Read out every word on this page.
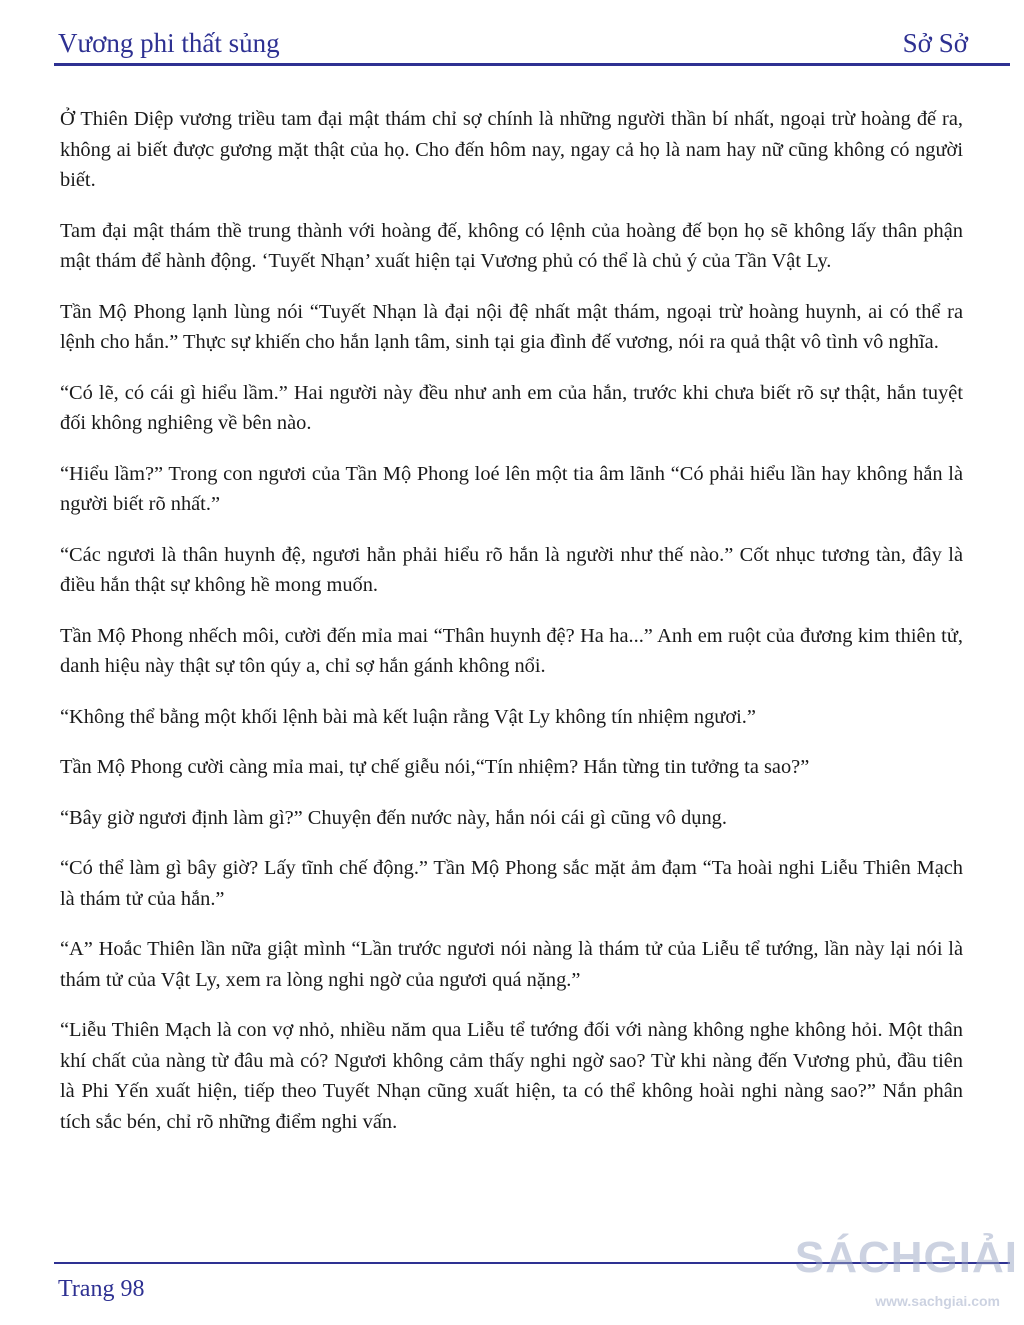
Vương phi thất sủng	Sở Sở

Ở Thiên Diệp vương triều tam đại mật thám chỉ sợ chính là những người thần bí nhất, ngoại trừ hoàng đế ra, không ai biết được gương mặt thật của họ. Cho đến hôm nay, ngay cả họ là nam hay nữ cũng không có người biết.

Tam đại mật thám thề trung thành với hoàng đế, không có lệnh của hoàng đế bọn họ sẽ không lấy thân phận mật thám để hành động. ‘Tuyết Nhạn’ xuất hiện tại Vương phủ có thể là chủ ý của Tần Vật Ly.

Tần Mộ Phong lạnh lùng nói “Tuyết Nhạn là đại nội đệ nhất mật thám, ngoại trừ hoàng huynh, ai có thể ra lệnh cho hắn.” Thực sự khiến cho hắn lạnh tâm, sinh tại gia đình đế vương, nói ra quả thật vô tình vô nghĩa.

“Có lẽ, có cái gì hiểu lầm.” Hai người này đều như anh em của hắn, trước khi chưa biết rõ sự thật, hắn tuyệt đối không nghiêng về bên nào.

“Hiểu lầm?” Trong con ngươi của Tần Mộ Phong loé lên một tia âm lãnh “Có phải hiểu lần hay không hắn là người biết rõ nhất.”

“Các ngươi là thân huynh đệ, ngươi hẳn phải hiểu rõ hắn là người như thế nào.” Cốt nhục tương tàn, đây là điều hắn thật sự không hề mong muốn.

Tần Mộ Phong nhếch môi, cười đến mỉa mai “Thân huynh đệ? Ha ha...” Anh em ruột của đương kim thiên tử, danh hiệu này thật sự tôn qúy a, chỉ sợ hắn gánh không nổi.

“Không thể bằng một khối lệnh bài mà kết luận rằng Vật Ly không tín nhiệm ngươi.”

Tần Mộ Phong cười càng mỉa mai, tự chế giễu nói,“Tín nhiệm? Hắn từng tin tưởng ta sao?”

“Bây giờ ngươi định làm gì?” Chuyện đến nước này, hắn nói cái gì cũng vô dụng.

“Có thể làm gì bây giờ? Lấy tĩnh chế động.” Tần Mộ Phong sắc mặt ảm đạm “Ta hoài nghi Liễu Thiên Mạch là thám tử của hắn.”

“A” Hoắc Thiên lần nữa giật mình “Lần trước ngươi nói nàng là thám tử của Liễu tể tướng, lần này lại nói là thám tử của Vật Ly, xem ra lòng nghi ngờ của ngươi quá nặng.”

“Liễu Thiên Mạch là con vợ nhỏ, nhiều năm qua Liễu tể tướng đối với nàng không nghe không hỏi. Một thân khí chất của nàng từ đâu mà có? Ngươi không cảm thấy nghi ngờ sao? Từ khi nàng đến Vương phủ, đầu tiên là Phi Yến xuất hiện, tiếp theo Tuyết Nhạn cũng xuất hiện, ta có thể không hoài nghi nàng sao?” Nắn phân tích sắc bén, chỉ rõ những điểm nghi vấn.

Trang 98
SÁCHGIẢI
www.sachgiai.com
